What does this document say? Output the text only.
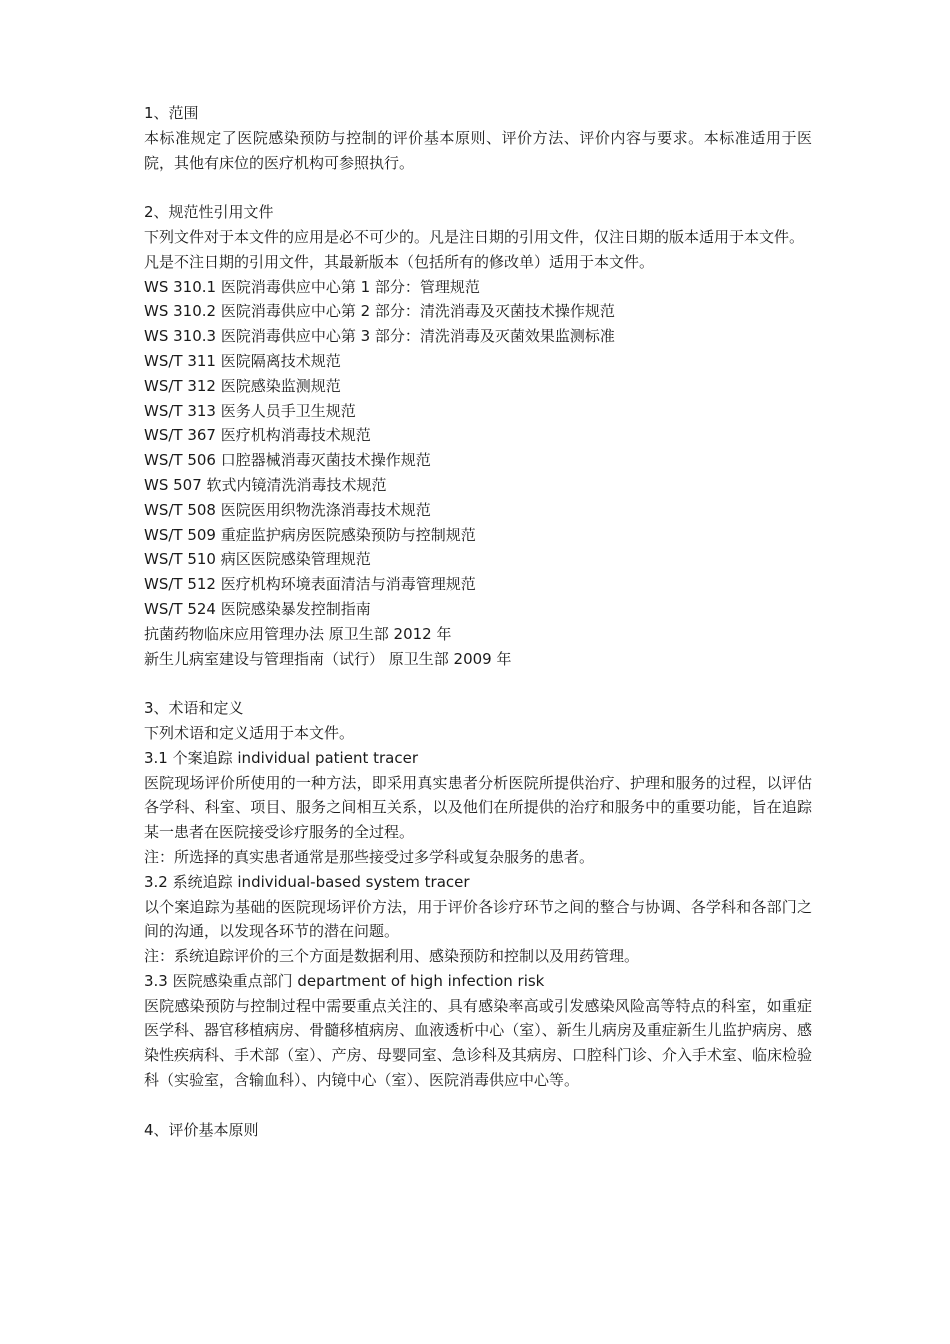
1、范围

本标准规定了医院感染预防与控制的评价基本原则、评价方法、评价内容与要求。本标准适用于医院，其他有床位的医疗机构可参照执行。

2、规范性引用文件

下列文件对于本文件的应用是必不可少的。凡是注日期的引用文件，仅注日期的版本适用于本文件。

凡是不注日期的引用文件，其最新版本（包括所有的修改单）适用于本文件。

WS 310.1 医院消毒供应中心第 1 部分：管理规范

WS 310.2 医院消毒供应中心第 2 部分：清洗消毒及灭菌技术操作规范

WS 310.3 医院消毒供应中心第 3 部分：清洗消毒及灭菌效果监测标准

WS/T 311 医院隔离技术规范

WS/T 312 医院感染监测规范

WS/T 313 医务人员手卫生规范

WS/T 367 医疗机构消毒技术规范

WS/T 506 口腔器械消毒灭菌技术操作规范

WS 507 软式内镜清洗消毒技术规范

WS/T 508 医院医用织物洗涤消毒技术规范

WS/T 509 重症监护病房医院感染预防与控制规范

WS/T 510 病区医院感染管理规范

WS/T 512 医疗机构环境表面清洁与消毒管理规范

WS/T 524 医院感染暴发控制指南

抗菌药物临床应用管理办法 原卫生部 2012 年

新生儿病室建设与管理指南（试行） 原卫生部 2009 年

3、术语和定义

下列术语和定义适用于本文件。

3.1 个案追踪 individual patient tracer

医院现场评价所使用的一种方法，即采用真实患者分析医院所提供治疗、护理和服务的过程，以评估各学科、科室、项目、服务之间相互关系，以及他们在所提供的治疗和服务中的重要功能，旨在追踪某一患者在医院接受诊疗服务的全过程。

注：所选择的真实患者通常是那些接受过多学科或复杂服务的患者。

3.2 系统追踪 individual-based system tracer

以个案追踪为基础的医院现场评价方法，用于评价各诊疗环节之间的整合与协调、各学科和各部门之间的沟通，以发现各环节的潜在问题。

注：系统追踪评价的三个方面是数据利用、感染预防和控制以及用药管理。

3.3 医院感染重点部门 department of high infection risk

医院感染预防与控制过程中需要重点关注的、具有感染率高或引发感染风险高等特点的科室，如重症医学科、器官移植病房、骨髓移植病房、血液透析中心（室）、新生儿病房及重症新生儿监护病房、感染性疾病科、手术部（室）、产房、母婴同室、急诊科及其病房、口腔科门诊、介入手术室、临床检验科（实验室，含输血科）、内镜中心（室）、医院消毒供应中心等。

4、评价基本原则
